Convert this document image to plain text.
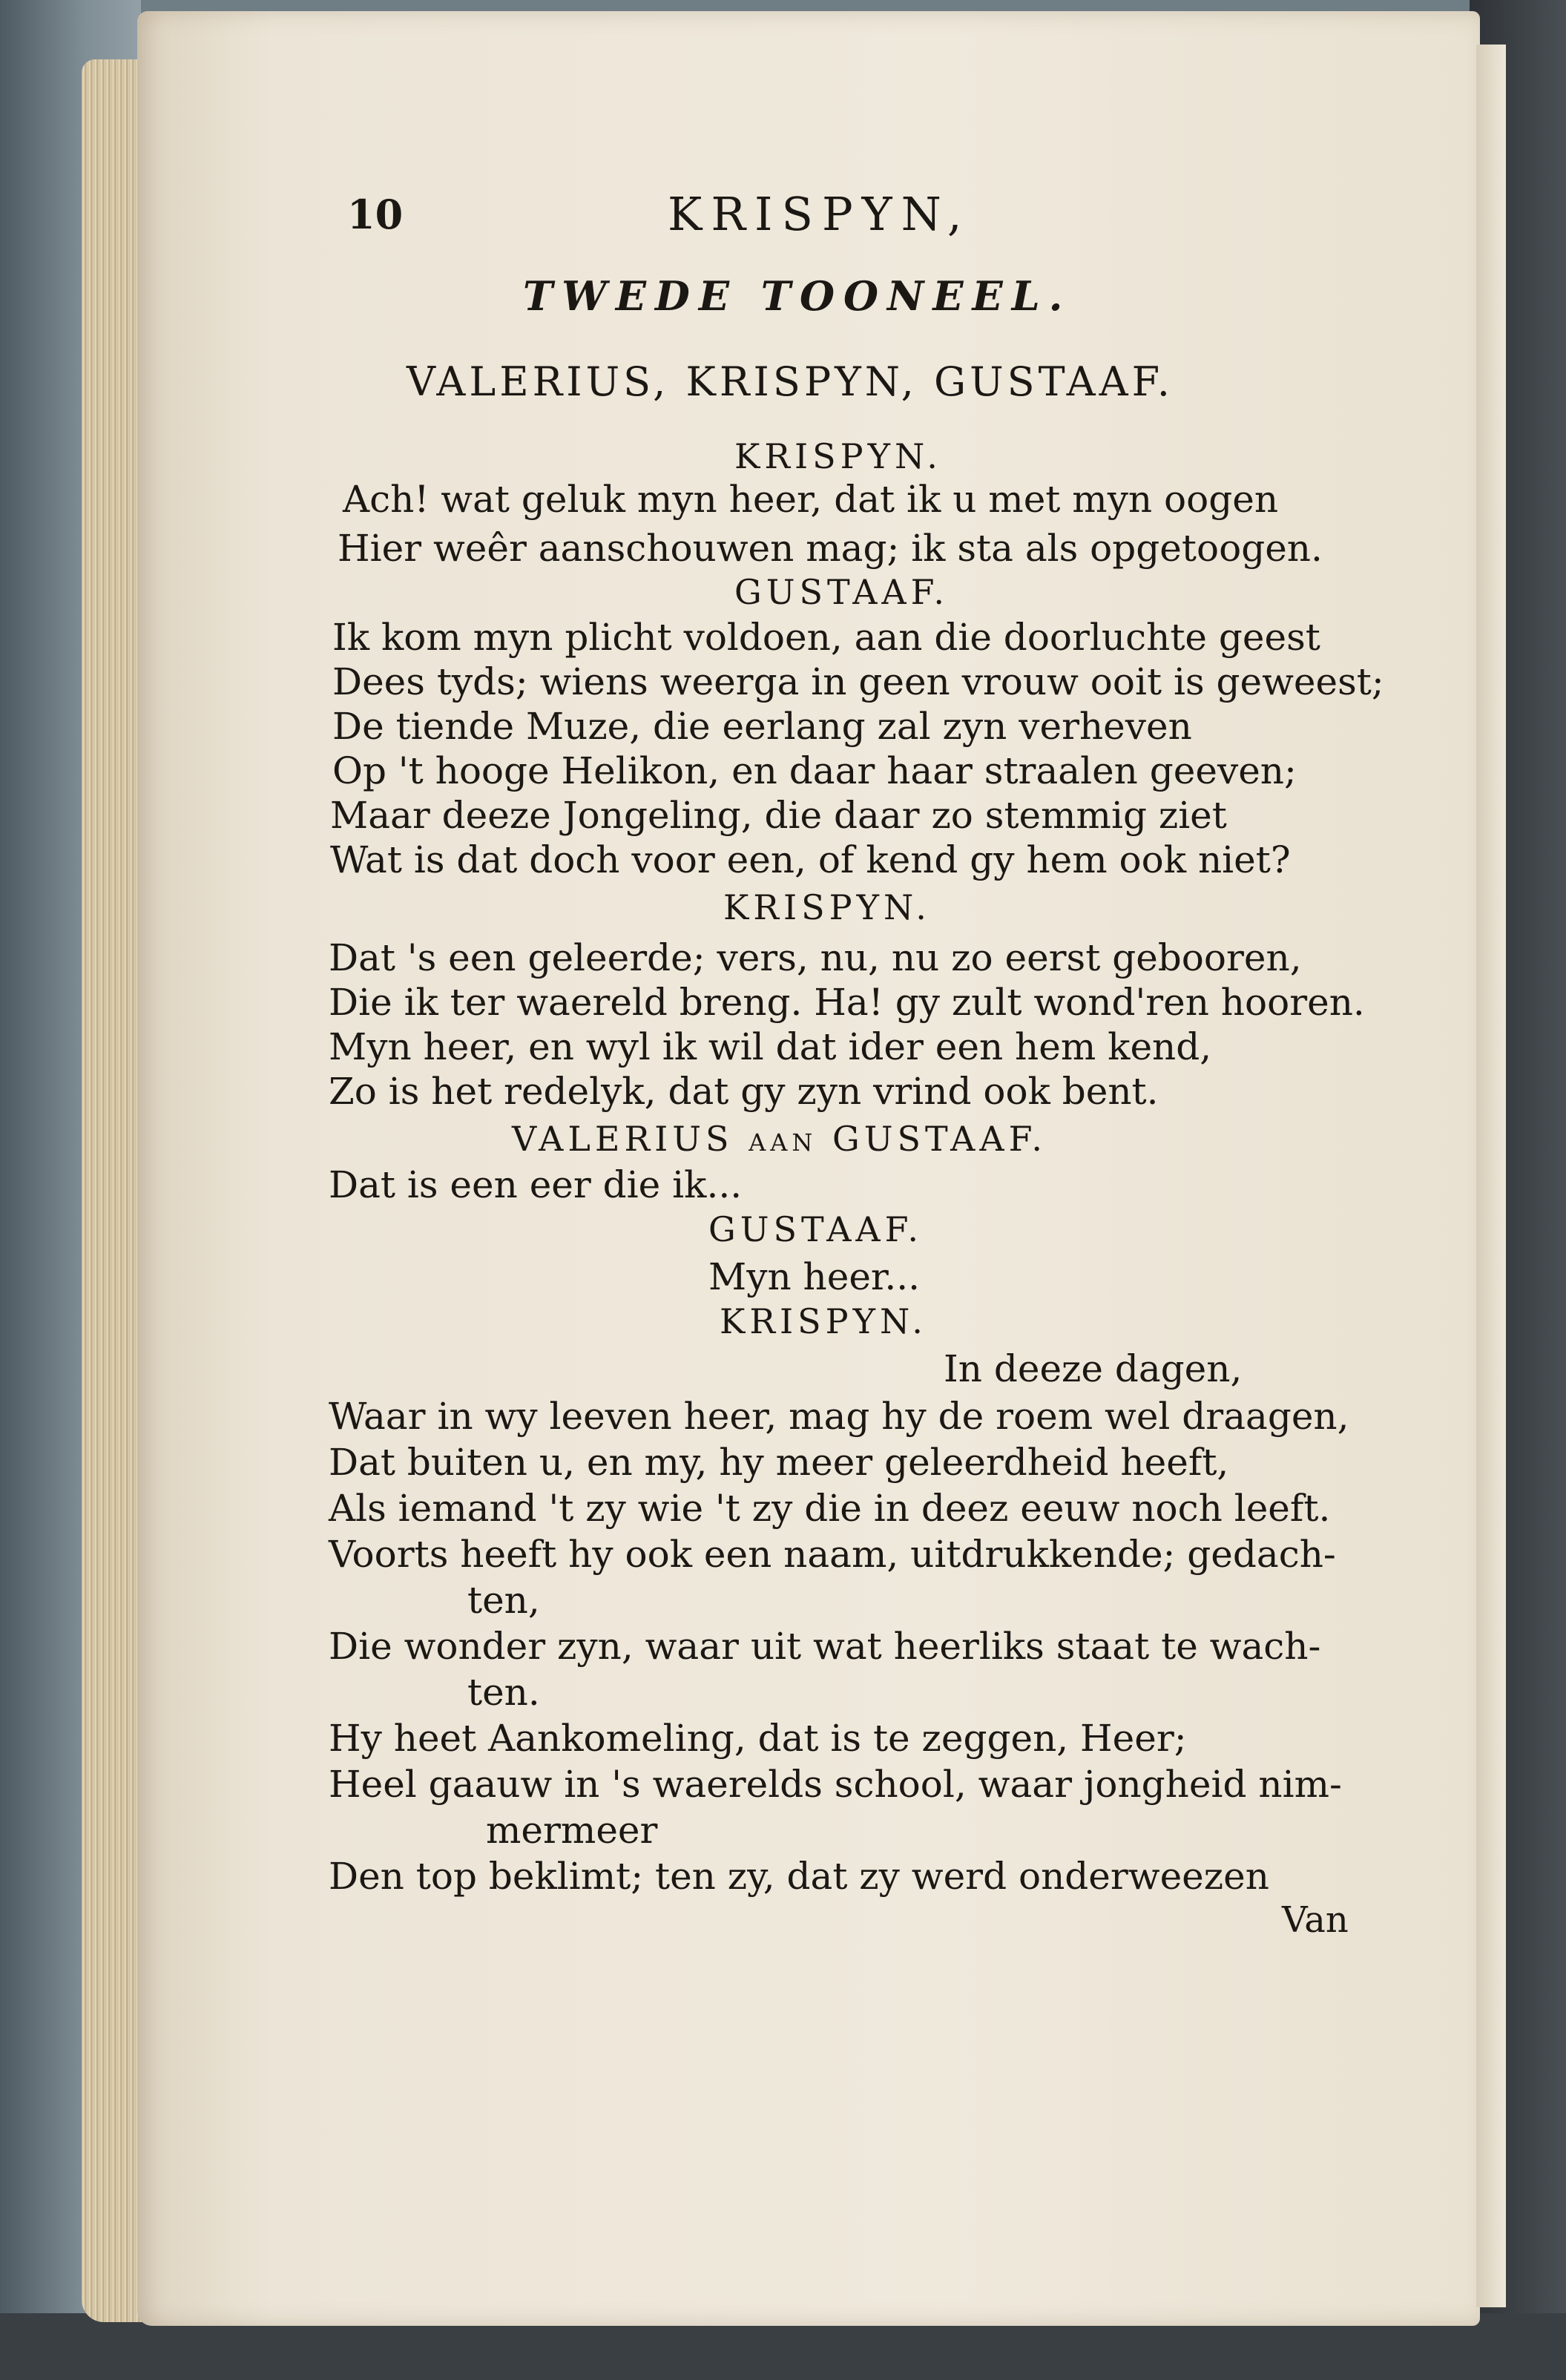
10	KRISPYN,
TWEDE TOONEEL.
VALERIUS, KRISPYN, GUSTAAF.
KRISPYN.
Ach! wat geluk myn heer, dat ik u met myn oogen
Hier weêr aanschouwen mag; ik sta als opgetoogen.
GUSTAAF.
Ik kom myn plicht voldoen, aan die doorluchte geest
Dees tyds; wiens weerga in geen vrouw ooit is geweest;
De tiende Muze, die eerlang zal zyn verheven
Op 't hooge Helikon, en daar haar straalen geeven;
Maar deeze Jongeling, die daar zo stemmig ziet
Wat is dat doch voor een, of kend gy hem ook niet?
KRISPYN.
Dat 's een geleerde; vers, nu, nu zo eerst gebooren,
Die ik ter waereld breng. Ha! gy zult wond'ren hooren.
Myn heer, en wyl ik wil dat ider een hem kend,
Zo is het redelyk, dat gy zyn vrind ook bent.
VALERIUS aan GUSTAAF.
Dat is een eer die ik...
GUSTAAF.
Myn heer...
KRISPYN.
In deeze dagen,
Waar in wy leeven heer, mag hy de roem wel draagen,
Dat buiten u, en my, hy meer geleerdheid heeft,
Als iemand 't zy wie 't zy die in deez eeuw noch leeft.
Voorts heeft hy ook een naam, uitdrukkende; gedach-
ten,
Die wonder zyn, waar uit wat heerliks staat te wach-
ten.
Hy heet Aankomeling, dat is te zeggen, Heer;
Heel gaauw in 's waerelds school, waar jongheid nim-
mermeer
Den top beklimt; ten zy, dat zy werd onderweezen
Van
